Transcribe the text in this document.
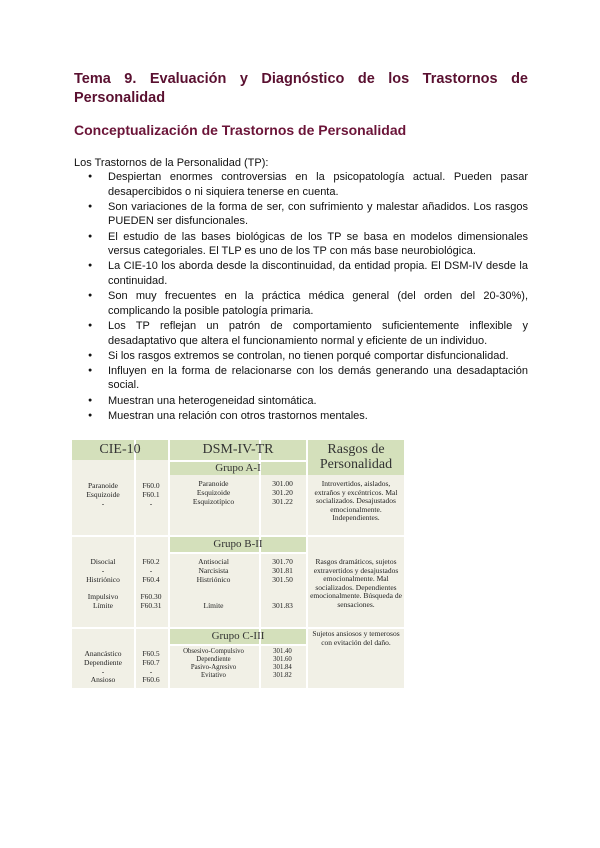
Tema 9. Evaluación y Diagnóstico de los Trastornos de
Personalidad
Conceptualización de Trastornos de Personalidad
Los Trastornos de la Personalidad (TP):
● Despiertan enormes controversias en la psicopatología actual. Pueden pasar desapercibidos o ni siquiera tenerse en cuenta.
● Son variaciones de la forma de ser, con sufrimiento y malestar añadidos. Los rasgos PUEDEN ser disfuncionales.
● El estudio de las bases biológicas de los TP se basa en modelos dimensionales versus categoriales. El TLP es uno de los TP con más base neurobiológica.
● La CIE-10 los aborda desde la discontinuidad, da entidad propia. El DSM-IV desde la continuidad.
● Son muy frecuentes en la práctica médica general (del orden del 20-30%), complicando la posible patología primaria.
● Los TP reflejan un patrón de comportamiento suficientemente inflexible y desadaptativo que altera el funcionamiento normal y eficiente de un individuo.
● Si los rasgos extremos se controlan, no tienen porqué comportar disfuncionalidad.
● Influyen en la forma de relacionarse con los demás generando una desadaptación social.
● Muestran una heterogeneidad sintomática.
● Muestran una relación con otros trastornos mentales.
CIE-10	DSM-IV-TR	Rasgos de Personalidad
Grupo A-I
Grupo B-II
Grupo C-III
Paranoide
Esquizoide
-
F60.0
F60.1
-
Paranoide
Esquizoide
Esquizotípico
301.00
301.20
301.22
Introvertidos, aislados, extraños y excéntricos. Mal socializados. Desajustados emocionalmente. Independientes.
Disocial
-
Histriónico

Impulsivo
Límite
F60.2
-
F60.4

F60.30
F60.31
Antisocial
Narcisista
Histriónico

Límite
301.70
301.81
301.50

301.83
Rasgos dramáticos, sujetos extravertidos y desajustados emocionalmente. Mal socializados. Dependientes emocionalmente. Búsqueda de sensaciones.
Anancástico
Dependiente
-
Ansioso
F60.5
F60.7
-
F60.6
Obsesivo-Compulsivo
Dependiente
Pasivo-Agresivo
Evitativo
301.40
301.60
301.84
301.82
Sujetos ansiosos y temerosos con evitación del daño.
